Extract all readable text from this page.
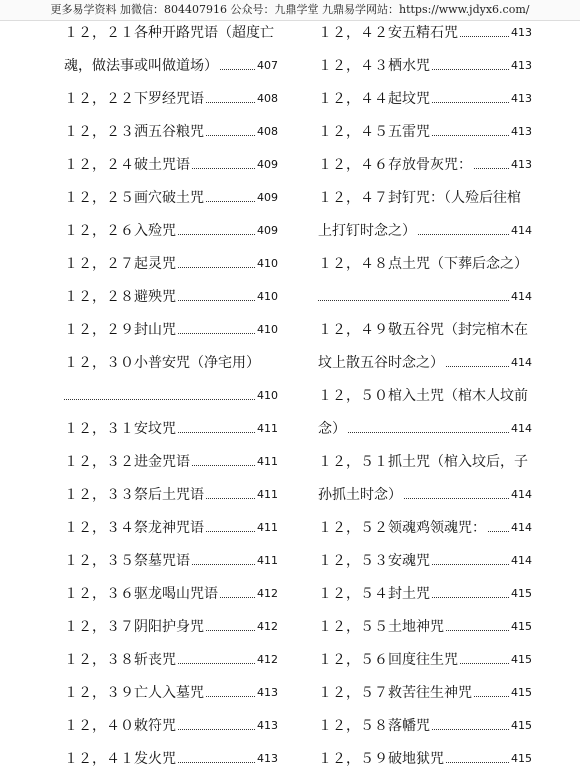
更多易学资料 加微信：804407916 公众号：九鼎学堂 九鼎易学网站：https://www.jdyx6.com/
１２，２１各种开路咒语（超度亡
魂，做法事或叫做道场）	407
１２，２２下罗经咒语	408
１２，２３洒五谷粮咒	408
１２，２４破土咒语	409
１２，２５画穴破土咒	409
１２，２６入殓咒	409
１２，２７起灵咒	410
１２，２８避殃咒	410
１２，２９封山咒	410
１２，３０小普安咒（净宅用）
410
１２，３１安坟咒	411
１２，３２进金咒语	411
１２，３３祭后土咒语	411
１２，３４祭龙神咒语	411
１２，３５祭墓咒语	411
１２，３６驱龙喝山咒语	412
１２，３７阴阳护身咒	412
１２，３８斩丧咒	412
１２，３９亡人入墓咒	413
１２，４０敕符咒	413
１２，４１发火咒	413
１２，４２安五精石咒	413
１２，４３栖水咒	413
１２，４４起坟咒	413
１２，４５五雷咒	413
１２，４６存放骨灰咒：	413
１２，４７封钉咒：（人殓后往棺
上打钉时念之）	414
１２，４８点土咒（下葬后念之）
414
１２，４９敬五谷咒（封完棺木在
坟上散五谷时念之）	414
１２，５０棺入土咒（棺木人坟前
念）	414
１２，５１抓土咒（棺入坟后，子
孙抓土时念）	414
１２，５２领魂鸡领魂咒： 414
１２，５３安魂咒	414
１２，５４封土咒	415
１２，５５土地神咒	415
１２，５６回度往生咒	415
１２，５７救苦往生神咒	415
１２，５８落幡咒	415
１２，５９破地狱咒	415
